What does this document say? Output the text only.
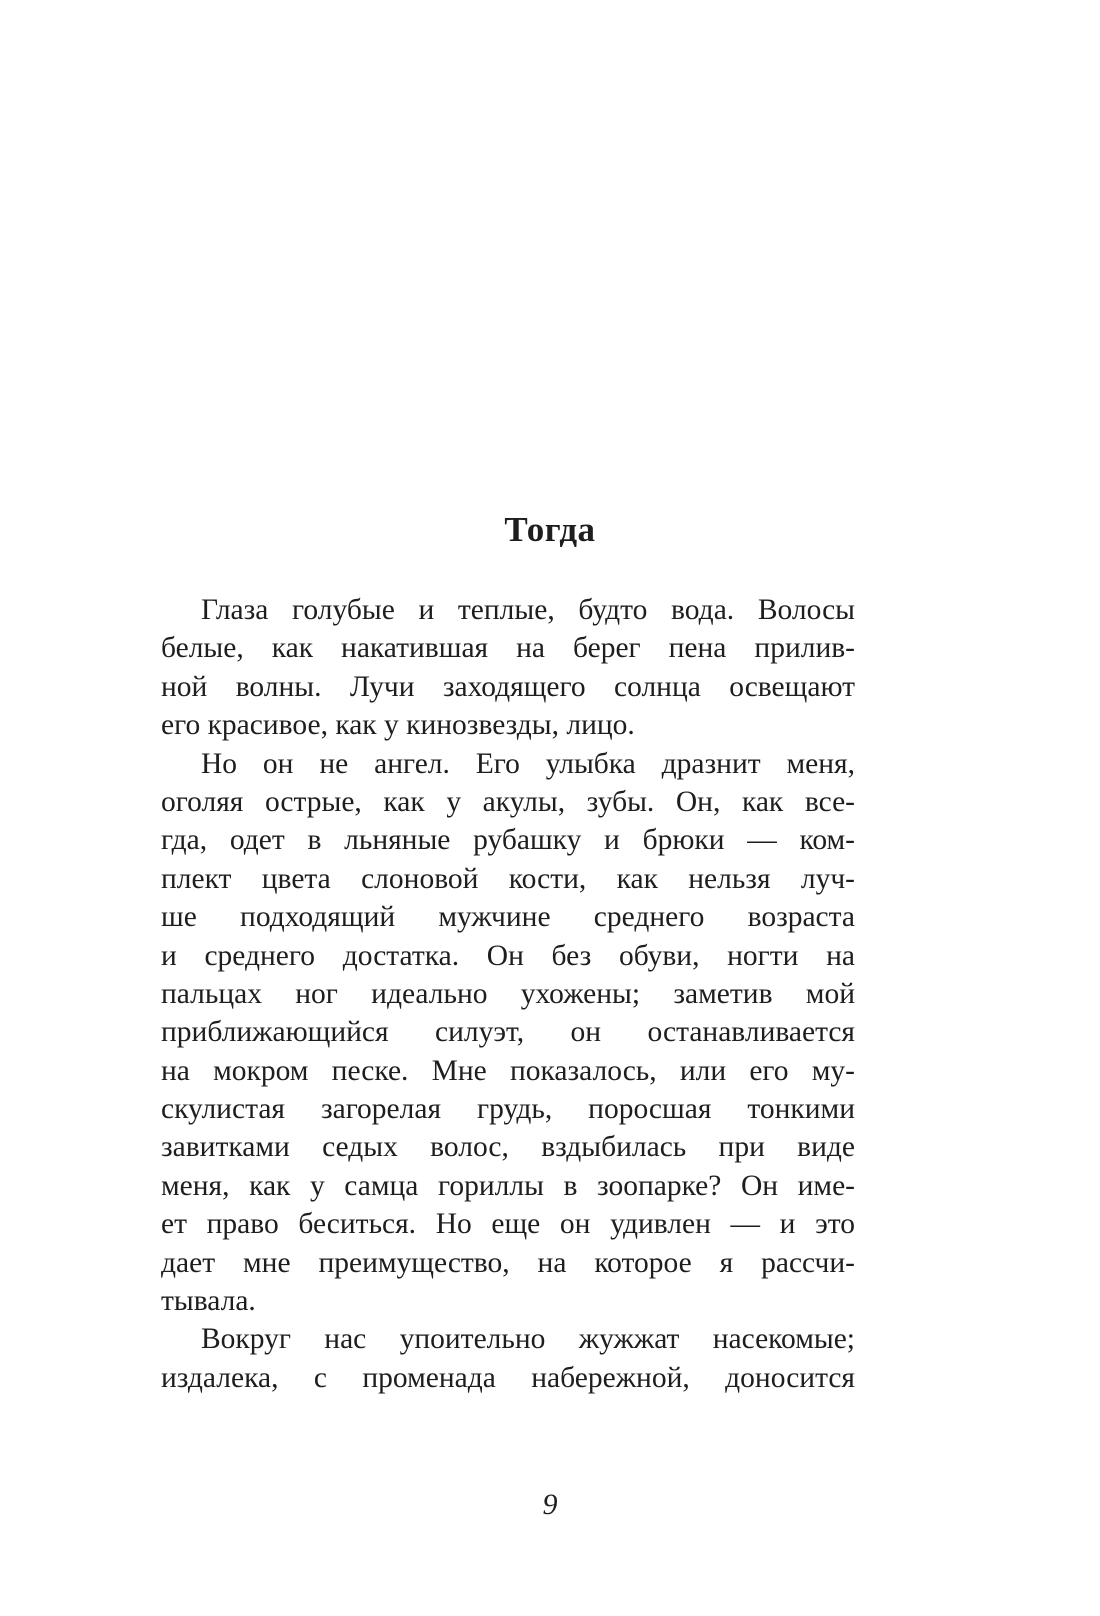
Тогда
Глаза голубые и теплые, будто вода. Волосы
белые, как накатившая на берег пена прилив-
ной волны. Лучи заходящего солнца освещают
его красивое, как у кинозвезды, лицо.
Но он не ангел. Его улыбка дразнит меня,
оголяя острые, как у акулы, зубы. Он, как все-
гда, одет в льняные рубашку и брюки — ком-
плект цвета слоновой кости, как нельзя луч-
ше подходящий мужчине среднего возраста
и среднего достатка. Он без обуви, ногти на
пальцах ног идеально ухожены; заметив мой
приближающийся силуэт, он останавливается
на мокром песке. Мне показалось, или его му-
скулистая загорелая грудь, поросшая тонкими
завитками седых волос, вздыбилась при виде
меня, как у самца гориллы в зоопарке? Он име-
ет право беситься. Но еще он удивлен — и это
дает мне преимущество, на которое я рассчи-
тывала.
Вокруг нас упоительно жужжат насекомые;
издалека, с променада набережной, доносится
9
